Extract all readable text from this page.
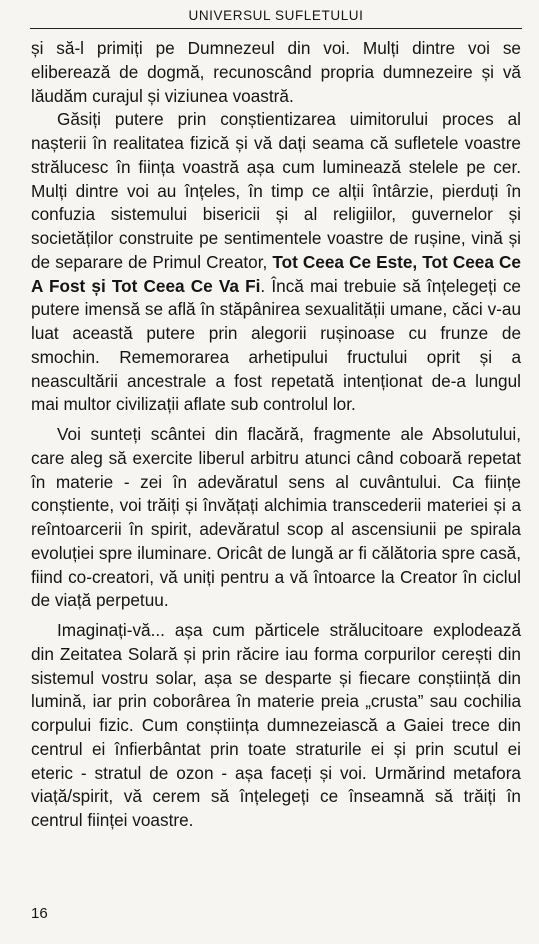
UNIVERSUL SUFLETULUI

și să-l primiți pe Dumnezeul din voi. Mulți dintre voi se eliberează de dogmă, recunoscând propria dumnezeire și vă lăudăm curajul și viziunea voastră.

Găsiți putere prin conștientizarea uimitorului proces al nașterii în realitatea fizică și vă dați seama că sufletele voastre strălucesc în ființa voastră așa cum luminează stelele pe cer. Mulți dintre voi au înțeles, în timp ce alții întârzie, pierduți în confuzia sistemului bisericii și al religiilor, guvernelor și societăților construite pe sentimentele voastre de rușine, vină și de separare de Primul Creator, Tot Ceea Ce Este, Tot Ceea Ce A Fost și Tot Ceea Ce Va Fi. Încă mai trebuie să înțelegeți ce putere imensă se află în stăpânirea sexualității umane, căci v-au luat această putere prin alegorii rușinoase cu frunze de smochin. Rememorarea arhetipului fructului oprit și a neascultării ancestrale a fost repetată intenționat de-a lungul mai multor civilizații aflate sub controlul lor.

Voi sunteți scântei din flacără, fragmente ale Absolutului, care aleg să exercite liberul arbitru atunci când coboară repetat în materie - zei în adevăratul sens al cuvântului. Ca ființe conștiente, voi trăiți și învățați alchimia transcederii materiei și a reîntoarcerii în spirit, adevăratul scop al ascensiunii pe spirala evoluției spre iluminare. Oricât de lungă ar fi călătoria spre casă, fiind co-creatori, vă uniți pentru a vă întoarce la Creator în ciclul de viață perpetuu.

Imaginați-vă... așa cum părticele strălucitoare explodează din Zeitatea Solară și prin răcire iau forma corpurilor cerești din sistemul vostru solar, așa se desparte și fiecare conștiință din lumină, iar prin coborârea în materie preia „crusta” sau cochilia corpului fizic. Cum conștiința dumnezeiască a Gaiei trece din centrul ei înfierbântat prin toate straturile ei și prin scutul ei eteric - stratul de ozon - așa faceți și voi. Urmărind metafora viață/spirit, vă cerem să înțelegeți ce înseamnă să trăiți în centrul ființei voastre.

16
